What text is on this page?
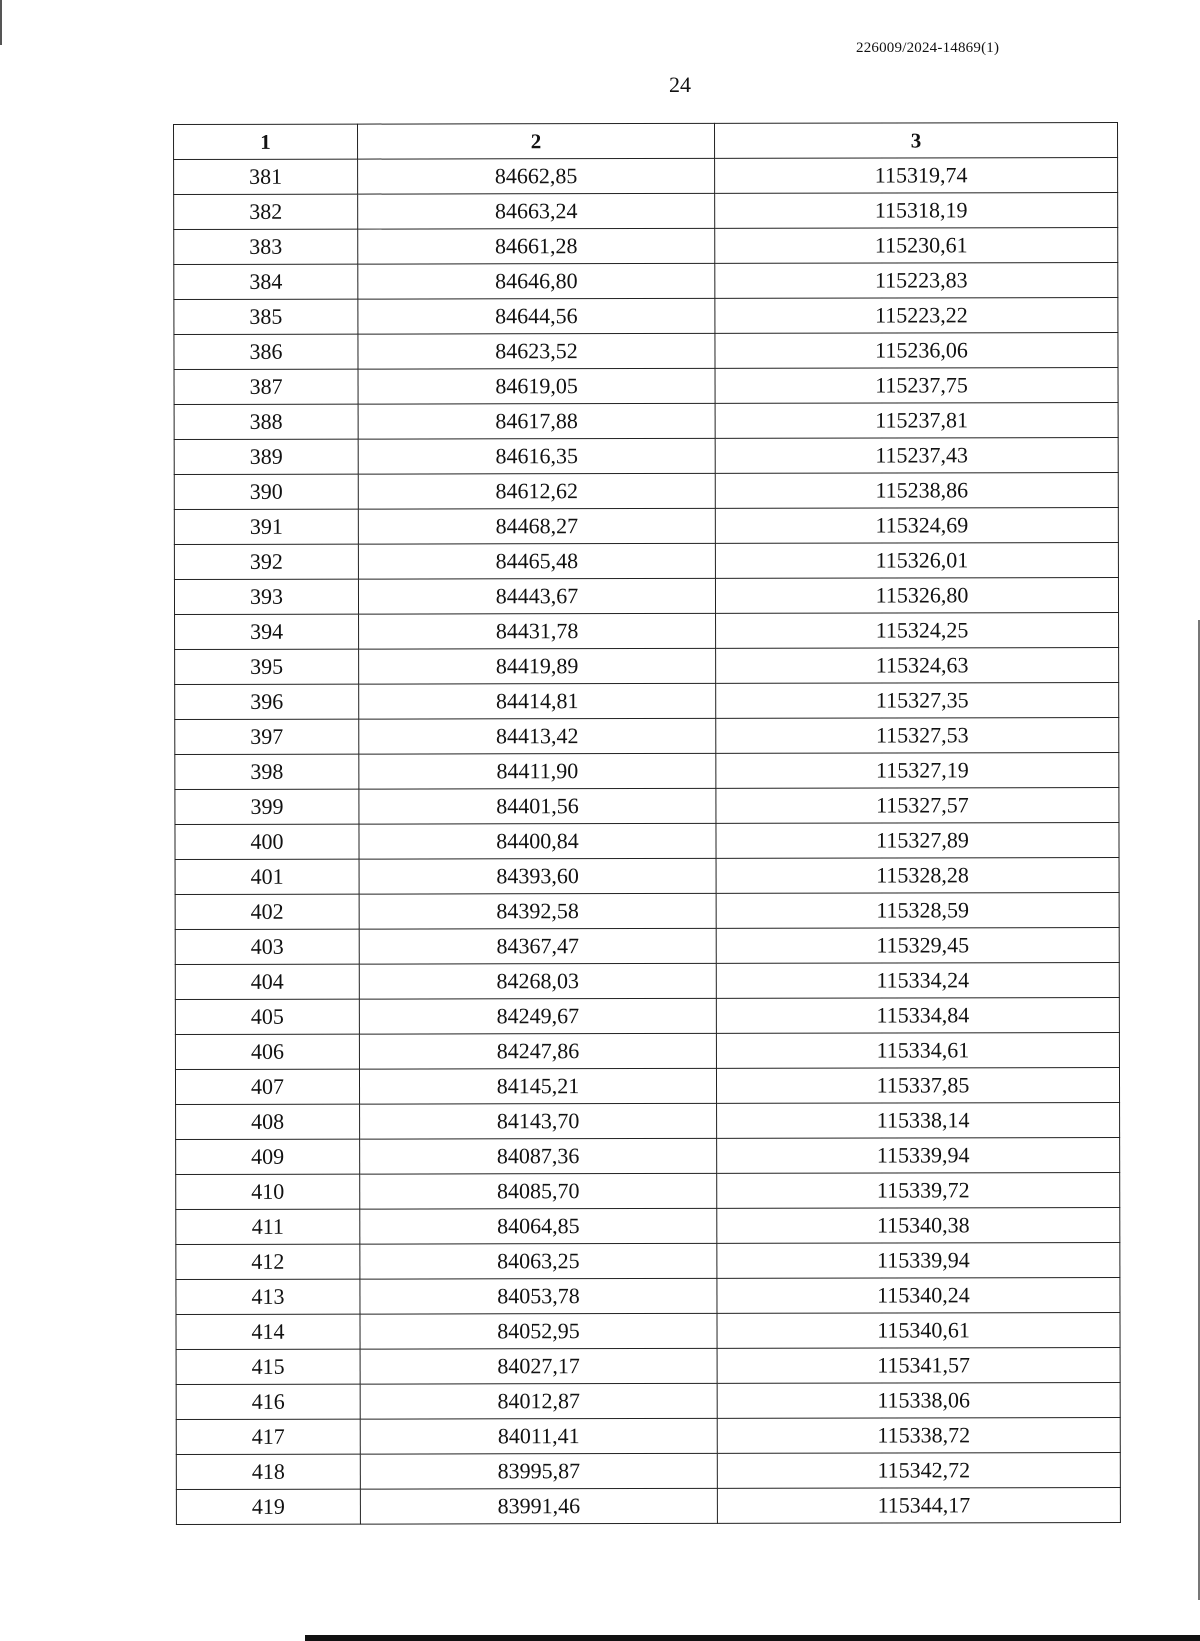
226009/2024-14869(1)
24
1	2	3
381	84662,85	115319,74
382	84663,24	115318,19
383	84661,28	115230,61
384	84646,80	115223,83
385	84644,56	115223,22
386	84623,52	115236,06
387	84619,05	115237,75
388	84617,88	115237,81
389	84616,35	115237,43
390	84612,62	115238,86
391	84468,27	115324,69
392	84465,48	115326,01
393	84443,67	115326,80
394	84431,78	115324,25
395	84419,89	115324,63
396	84414,81	115327,35
397	84413,42	115327,53
398	84411,90	115327,19
399	84401,56	115327,57
400	84400,84	115327,89
401	84393,60	115328,28
402	84392,58	115328,59
403	84367,47	115329,45
404	84268,03	115334,24
405	84249,67	115334,84
406	84247,86	115334,61
407	84145,21	115337,85
408	84143,70	115338,14
409	84087,36	115339,94
410	84085,70	115339,72
411	84064,85	115340,38
412	84063,25	115339,94
413	84053,78	115340,24
414	84052,95	115340,61
415	84027,17	115341,57
416	84012,87	115338,06
417	84011,41	115338,72
418	83995,87	115342,72
419	83991,46	115344,17
